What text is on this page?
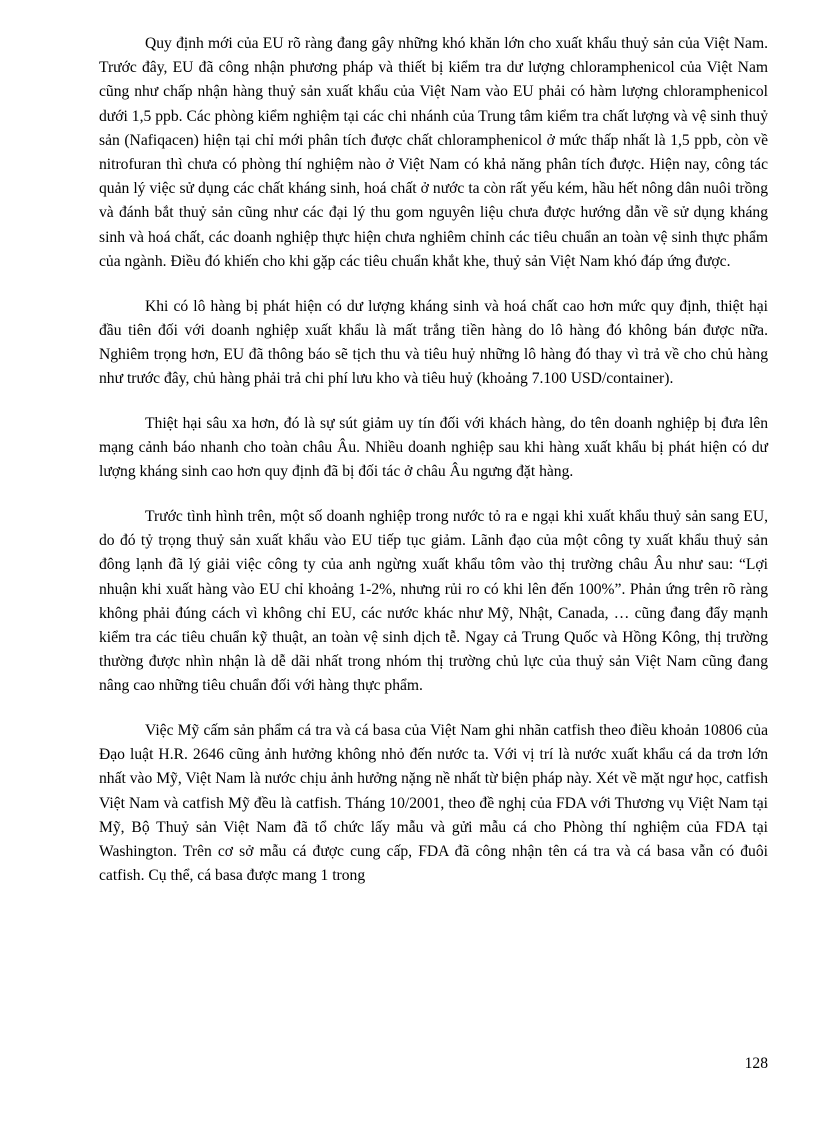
Quy định mới của EU rõ ràng đang gây những khó khăn lớn cho xuất khẩu thuỷ sản của Việt Nam. Trước đây, EU đã công nhận phương pháp và thiết bị kiểm tra dư lượng chloramphenicol của Việt Nam cũng như chấp nhận hàng thuỷ sản xuất khẩu của Việt Nam vào EU phải có hàm lượng chloramphenicol dưới 1,5 ppb. Các phòng kiểm nghiệm tại các chi nhánh của Trung tâm kiểm tra chất lượng và vệ sinh thuỷ sản (Nafiqacen) hiện tại chỉ mới phân tích được chất chloramphenicol ở mức thấp nhất là 1,5 ppb, còn về nitrofuran thì chưa có phòng thí nghiệm nào ở Việt Nam có khả năng phân tích được. Hiện nay, công tác quản lý việc sử dụng các chất kháng sinh, hoá chất ở nước ta còn rất yếu kém, hầu hết nông dân nuôi trồng và đánh bắt thuỷ sản cũng như các đại lý thu gom nguyên liệu chưa được hướng dẫn về sử dụng kháng sinh và hoá chất, các doanh nghiệp thực hiện chưa nghiêm chỉnh các tiêu chuẩn an toàn vệ sinh thực phẩm của ngành. Điều đó khiến cho khi gặp các tiêu chuẩn khắt khe, thuỷ sản Việt Nam khó đáp ứng được.

Khi có lô hàng bị phát hiện có dư lượng kháng sinh và hoá chất cao hơn mức quy định, thiệt hại đầu tiên đối với doanh nghiệp xuất khẩu là mất trắng tiền hàng do lô hàng đó không bán được nữa. Nghiêm trọng hơn, EU đã thông báo sẽ tịch thu và tiêu huỷ những lô hàng đó thay vì trả về cho chủ hàng như trước đây, chủ hàng phải trả chi phí lưu kho và tiêu huỷ (khoảng 7.100 USD/container).

Thiệt hại sâu xa hơn, đó là sự sút giảm uy tín đối với khách hàng, do tên doanh nghiệp bị đưa lên mạng cảnh báo nhanh cho toàn châu Âu. Nhiều doanh nghiệp sau khi hàng xuất khẩu bị phát hiện có dư lượng kháng sinh cao hơn quy định đã bị đối tác ở châu Âu ngưng đặt hàng.

Trước tình hình trên, một số doanh nghiệp trong nước tỏ ra e ngại khi xuất khẩu thuỷ sản sang EU, do đó tỷ trọng thuỷ sản xuất khẩu vào EU tiếp tục giảm. Lãnh đạo của một công ty xuất khẩu thuỷ sản đông lạnh đã lý giải việc công ty của anh ngừng xuất khẩu tôm vào thị trường châu Âu như sau: “Lợi nhuận khi xuất hàng vào EU chỉ khoảng 1-2%, nhưng rủi ro có khi lên đến 100%”. Phản ứng trên rõ ràng không phải đúng cách vì không chỉ EU, các nước khác như Mỹ, Nhật, Canada, … cũng đang đẩy mạnh kiểm tra các tiêu chuẩn kỹ thuật, an toàn vệ sinh dịch tễ. Ngay cả Trung Quốc và Hồng Kông, thị trường thường được nhìn nhận là dễ dãi nhất trong nhóm thị trường chủ lực của thuỷ sản Việt Nam cũng đang nâng cao những tiêu chuẩn đối với hàng thực phẩm.

Việc Mỹ cấm sản phẩm cá tra và cá basa của Việt Nam ghi nhãn catfish theo điều khoản 10806 của Đạo luật H.R. 2646 cũng ảnh hưởng không nhỏ đến nước ta. Với vị trí là nước xuất khẩu cá da trơn lớn nhất vào Mỹ, Việt Nam là nước chịu ảnh hưởng nặng nề nhất từ biện pháp này. Xét về mặt ngư học, catfish Việt Nam và catfish Mỹ đều là catfish. Tháng 10/2001, theo đề nghị của FDA với Thương vụ Việt Nam tại Mỹ, Bộ Thuỷ sản Việt Nam đã tổ chức lấy mẫu và gửi mẫu cá cho Phòng thí nghiệm của FDA tại Washington. Trên cơ sở mẫu cá được cung cấp, FDA đã công nhận tên cá tra và cá basa vẫn có đuôi catfish. Cụ thể, cá basa được mang 1 trong

128
